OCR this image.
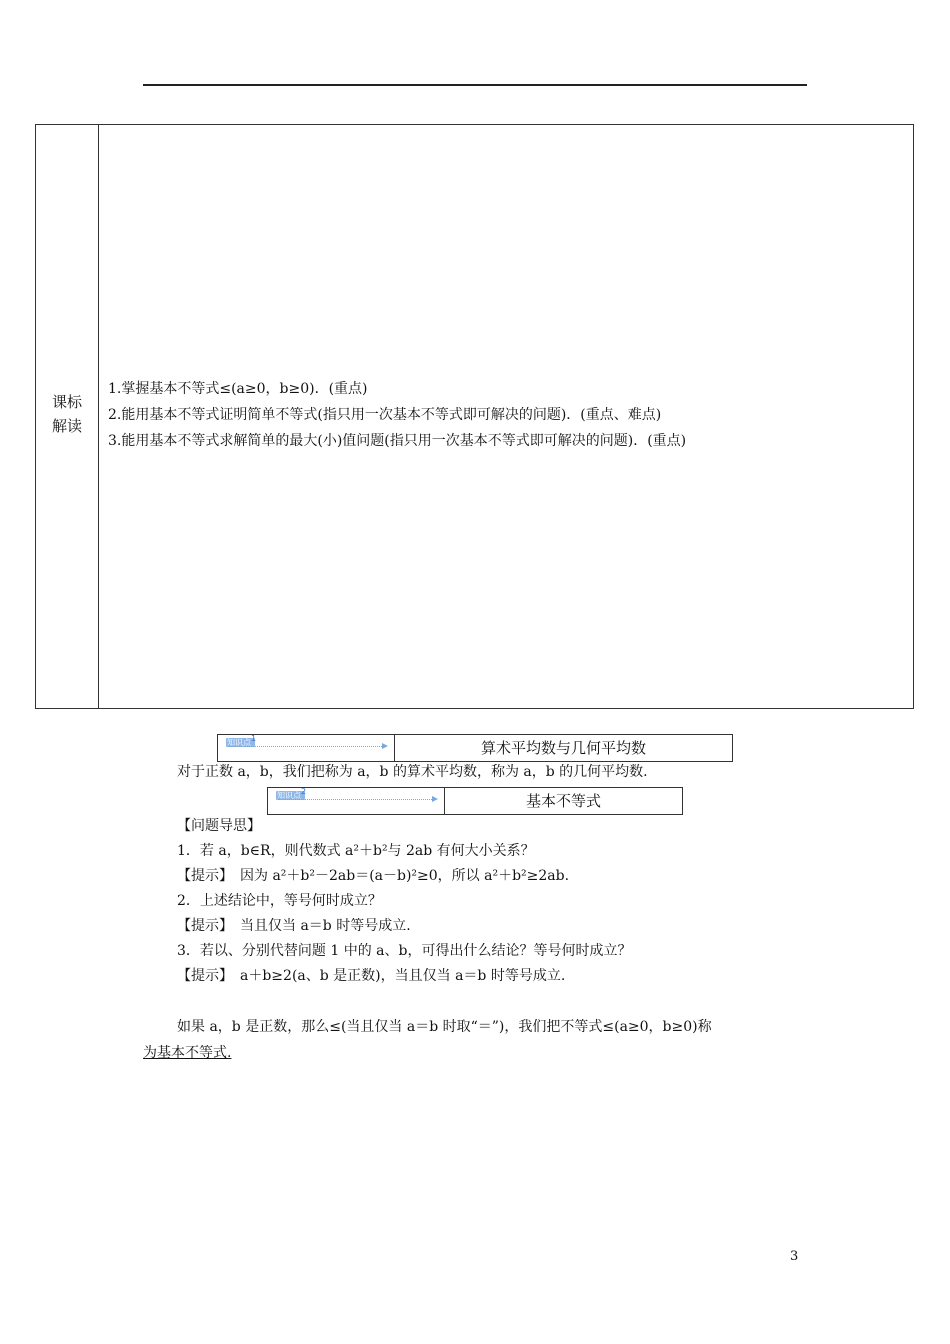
课标
解读
1.掌握基本不等式≤(a≥0，b≥0)．(重点)
2.能用基本不等式证明简单不等式(指只用一次基本不等式即可解决的问题)．(重点、难点)
3.能用基本不等式求解简单的最大(小)值问题(指只用一次基本不等式即可解决的问题)．(重点)
知识点 1
算术平均数与几何平均数
对于正数 a，b，我们把称为 a，b 的算术平均数，称为 a，b 的几何平均数.
知识点 2
基本不等式
【问题导思】
1．若 a，b∈R，则代数式 a²＋b²与 2ab 有何大小关系？
【提示】　因为 a²＋b²－2ab＝(a－b)²≥0，所以 a²＋b²≥2ab.
2．上述结论中，等号何时成立？
【提示】　当且仅当 a＝b 时等号成立.
3．若以、分别代替问题 1 中的 a、b，可得出什么结论？等号何时成立？
【提示】　a＋b≥2(a、b 是正数)，当且仅当 a＝b 时等号成立.
如果 a，b 是正数，那么≤(当且仅当 a＝b 时取“＝”)，我们把不等式≤(a≥0，b≥0)称
为基本不等式.
3
